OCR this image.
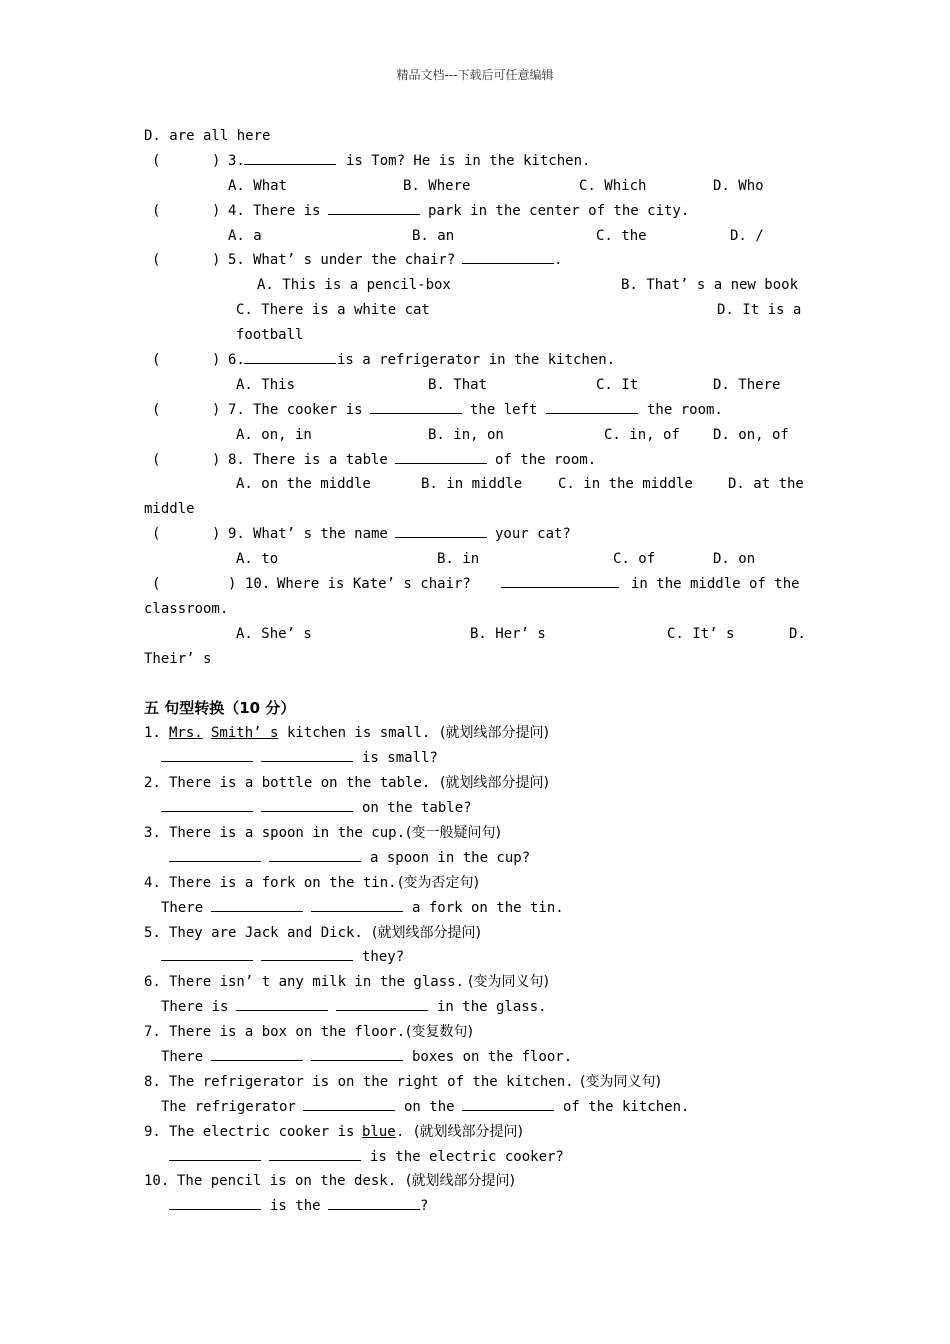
精品文档---下载后可任意编辑
D. are all here
(	) 3.	is Tom? He is in the kitchen.
A. What	B. Where	C. Which	D. Who
(	) 4. There is	park in the center of the city.
A. a	B. an	C. the	D. /
(	) 5. What’ s under the chair?	.
A. This is a pencil-box	B. That’ s a new book
C. There is a white cat	D. It is a
football
(	) 6.	is a refrigerator in the kitchen.
A. This	B. That	C. It	D. There
(	) 7. The cooker is	the left	the room.
A. on, in	B. in, on	C. in, of D. on, of
(	) 8. There is a table	of the room.
A. on the middle	B. in middle	C. in the middle	D. at the
middle
(	) 9. What’ s the name	your cat?
A. to	B. in	C. of	D. on
(	) 10. Where is Kate’ s chair?	in the middle of the
classroom.
A. She’ s	B. Her’ s	C. It’ s	D.
Their’ s
五 句型转换（10 分）
1. Mrs. Smith’ s kitchen is small. (就划线部分提问)
is small?
2. There is a bottle on the table. (就划线部分提问)
on the table?
3. There is a spoon in the cup. (变一般疑问句)
a spoon in the cup?
4. There is a fork on the tin. (变为否定句)
There	a fork on the tin.
5. They are Jack and Dick. (就划线部分提问)
they?
6. There isn’ t any milk in the glass. (变为同义句)
There is	in the glass.
7. There is a box on the floor. (变复数句)
There	boxes on the floor.
8. The refrigerator is on the right of the kitchen. (变为同义句)
The refrigerator	on the	of the kitchen.
9. The electric cooker is blue . (就划线部分提问)
is the electric cooker?
10. The pencil is on the desk. (就划线部分提问)
is the	?
